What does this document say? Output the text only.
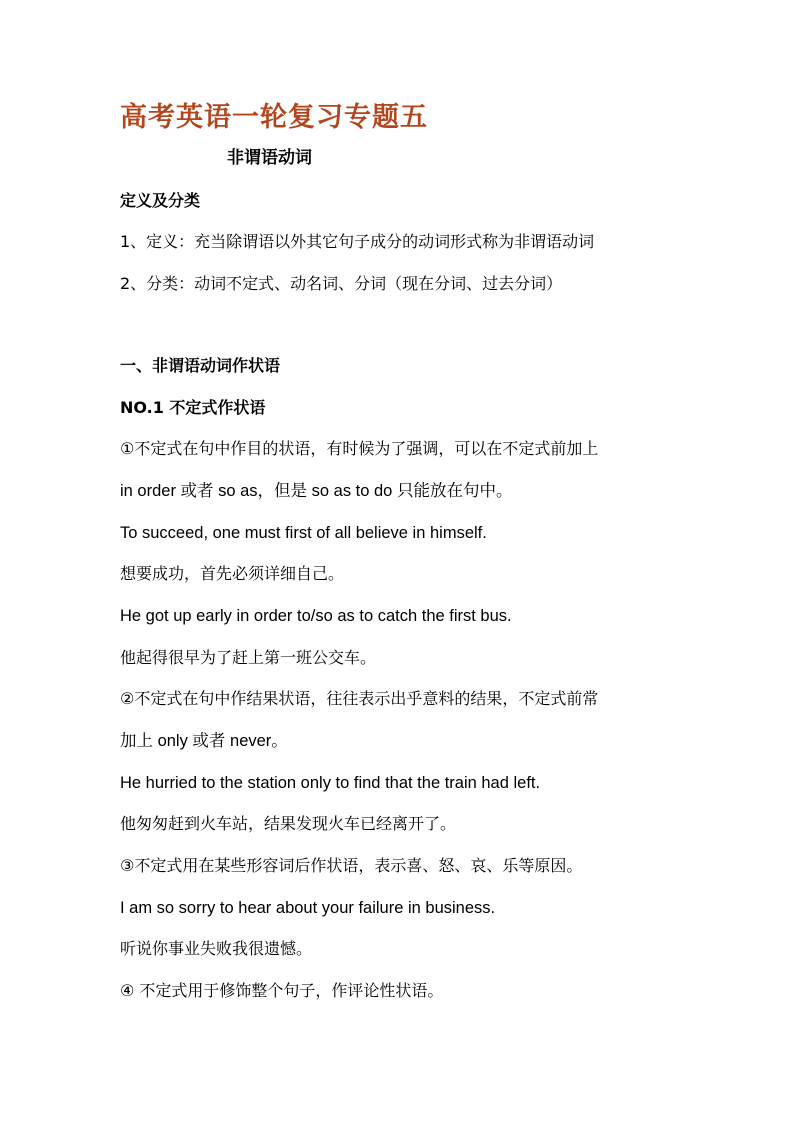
高考英语一轮复习专题五
非谓语动词
定义及分类
1、定义：充当除谓语以外其它句子成分的动词形式称为非谓语动词
2、分类：动词不定式、动名词、分词（现在分词、过去分词）
一、非谓语动词作状语
NO.1 不定式作状语
①不定式在句中作目的状语，有时候为了强调，可以在不定式前加上
in order 或者 so as，但是 so as to do 只能放在句中。
To succeed, one must first of all believe in himself.
想要成功，首先必须详细自己。
He got up early in order to/so as to catch the first bus.
他起得很早为了赶上第一班公交车。
②不定式在句中作结果状语，往往表示出乎意料的结果，不定式前常
加上 only 或者 never。
He hurried to the station only to find that the train had left.
他匆匆赶到火车站，结果发现火车已经离开了。
③不定式用在某些形容词后作状语，表示喜、怒、哀、乐等原因。
I am so sorry to hear about your failure in business.
听说你事业失败我很遗憾。
④ 不定式用于修饰整个句子，作评论性状语。
